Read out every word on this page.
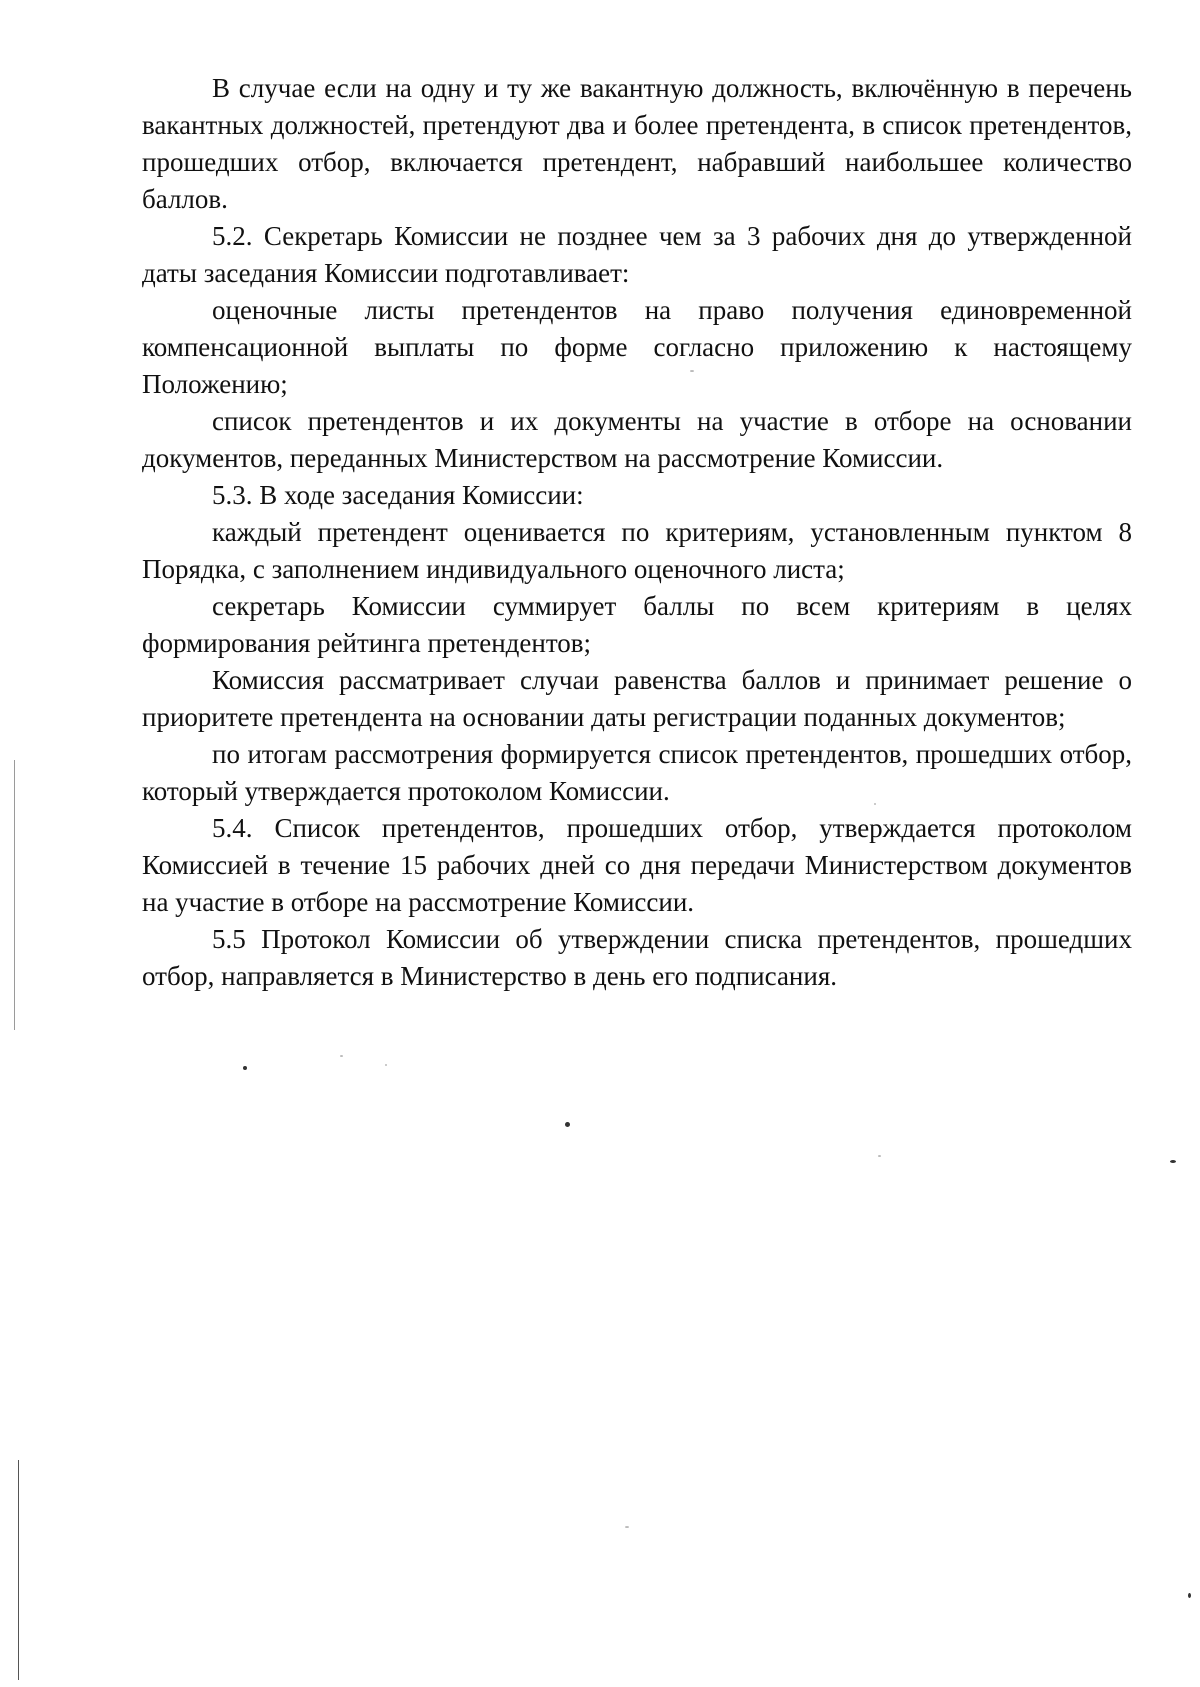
В случае если на одну и ту же вакантную должность, включённую в перечень вакантных должностей, претендуют два и более претендента, в список претендентов, прошедших отбор, включается претендент, набравший наибольшее количество баллов.

5.2. Секретарь Комиссии не позднее чем за 3 рабочих дня до утвержденной даты заседания Комиссии подготавливает:

оценочные листы претендентов на право получения единовременной компенсационной выплаты по форме согласно приложению к настоящему Положению;

список претендентов и их документы на участие в отборе на основании документов, переданных Министерством на рассмотрение Комиссии.

5.3. В ходе заседания Комиссии:

каждый претендент оценивается по критериям, установленным пунктом 8 Порядка, с заполнением индивидуального оценочного листа;

секретарь Комиссии суммирует баллы по всем критериям в целях формирования рейтинга претендентов;

Комиссия рассматривает случаи равенства баллов и принимает решение о приоритете претендента на основании даты регистрации поданных документов;

по итогам рассмотрения формируется список претендентов, прошедших отбор, который утверждается протоколом Комиссии.

5.4. Список претендентов, прошедших отбор, утверждается протоколом Комиссией в течение 15 рабочих дней со дня передачи Министерством документов на участие в отборе на рассмотрение Комиссии.

5.5 Протокол Комиссии об утверждении списка претендентов, прошедших отбор, направляется в Министерство в день его подписания.
